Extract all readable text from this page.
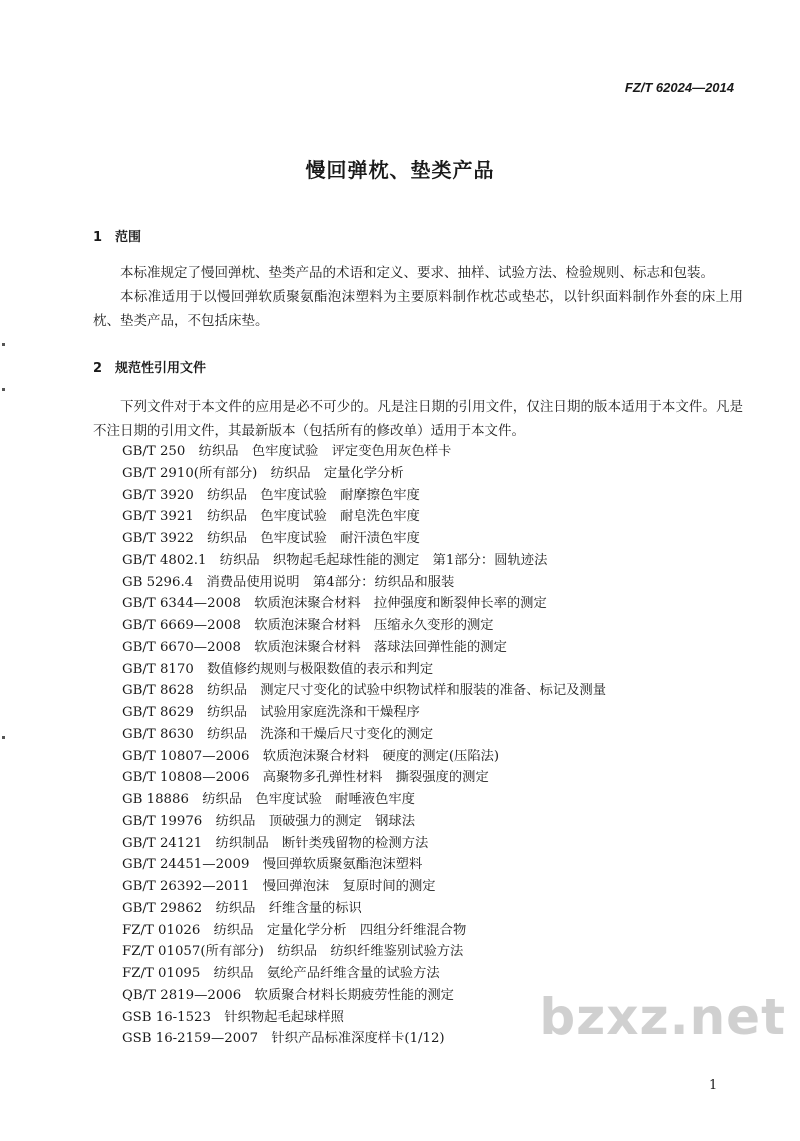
FZ/T 62024—2014
慢回弹枕、垫类产品
1 范围
本标准规定了慢回弹枕、垫类产品的术语和定义、要求、抽样、试验方法、检验规则、标志和包装。
本标准适用于以慢回弹软质聚氨酯泡沫塑料为主要原料制作枕芯或垫芯，以针织面料制作外套的床上用枕、垫类产品，不包括床垫。
2 规范性引用文件
下列文件对于本文件的应用是必不可少的。凡是注日期的引用文件，仅注日期的版本适用于本文件。凡是不注日期的引用文件，其最新版本（包括所有的修改单）适用于本文件。
GB/T 250　纺织品　色牢度试验　评定变色用灰色样卡
GB/T 2910(所有部分)　纺织品　定量化学分析
GB/T 3920　纺织品　色牢度试验　耐摩擦色牢度
GB/T 3921　纺织品　色牢度试验　耐皂洗色牢度
GB/T 3922　纺织品　色牢度试验　耐汗渍色牢度
GB/T 4802.1　纺织品　织物起毛起球性能的测定　第1部分：圆轨迹法
GB 5296.4　消费品使用说明　第4部分：纺织品和服装
GB/T 6344—2008　软质泡沫聚合材料　拉伸强度和断裂伸长率的测定
GB/T 6669—2008　软质泡沫聚合材料　压缩永久变形的测定
GB/T 6670—2008　软质泡沫聚合材料　落球法回弹性能的测定
GB/T 8170　数值修约规则与极限数值的表示和判定
GB/T 8628　纺织品　测定尺寸变化的试验中织物试样和服装的准备、标记及测量
GB/T 8629　纺织品　试验用家庭洗涤和干燥程序
GB/T 8630　纺织品　洗涤和干燥后尺寸变化的测定
GB/T 10807—2006　软质泡沫聚合材料　硬度的测定(压陷法)
GB/T 10808—2006　高聚物多孔弹性材料　撕裂强度的测定
GB 18886　纺织品　色牢度试验　耐唾液色牢度
GB/T 19976　纺织品　顶破强力的测定　钢球法
GB/T 24121　纺织制品　断针类残留物的检测方法
GB/T 24451—2009　慢回弹软质聚氨酯泡沫塑料
GB/T 26392—2011　慢回弹泡沫　复原时间的测定
GB/T 29862　纺织品　纤维含量的标识
FZ/T 01026　纺织品　定量化学分析　四组分纤维混合物
FZ/T 01057(所有部分)　纺织品　纺织纤维鉴别试验方法
FZ/T 01095　纺织品　氨纶产品纤维含量的试验方法
QB/T 2819—2006　软质聚合材料长期疲劳性能的测定
GSB 16-1523　针织物起毛起球样照
GSB 16-2159—2007　针织产品标准深度样卡(1/12)
1
bzxz.net
